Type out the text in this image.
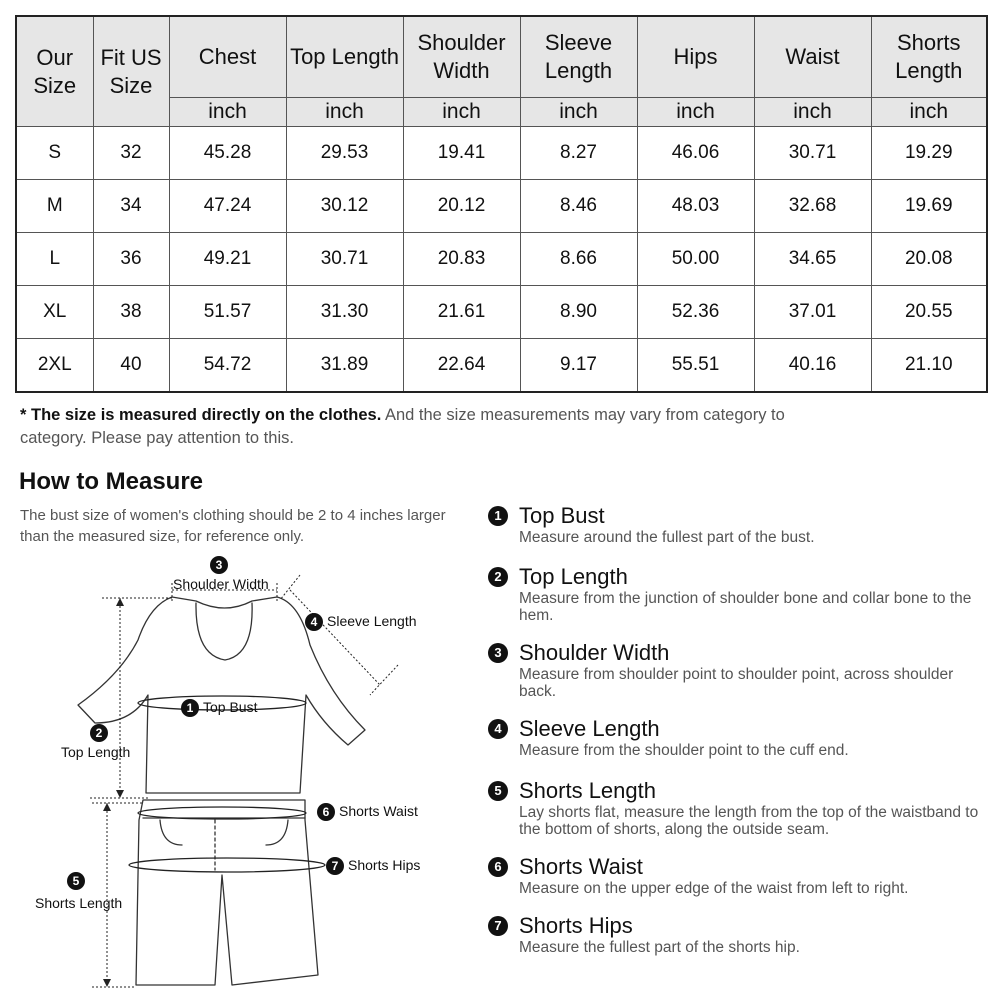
Our Size	Fit US Size	Chest	Top Length	Shoulder Width	Sleeve Length	Hips	Waist	Shorts Length
		inch	inch	inch	inch	inch	inch	inch
S	32	45.28	29.53	19.41	8.27	46.06	30.71	19.29
M	34	47.24	30.12	20.12	8.46	48.03	32.68	19.69
L	36	49.21	30.71	20.83	8.66	50.00	34.65	20.08
XL	38	51.57	31.30	21.61	8.90	52.36	37.01	20.55
2XL	40	54.72	31.89	22.64	9.17	55.51	40.16	21.10
* The size is measured directly on the clothes. And the size measurements may vary from category to category. Please pay attention to this.
How to Measure
The bust size of women's clothing should be 2 to 4 inches larger than the measured size, for reference only.
3
Shoulder Width
4 Sleeve Length
1 Top Bust
2
Top Length
6 Shorts Waist
7 Shorts Hips
5
Shorts Length
1 Top Bust
Measure around the fullest part of the bust.
2 Top Length
Measure from the junction of shoulder bone and collar bone to the hem.
3 Shoulder Width
Measure from shoulder point to shoulder point, across shoulder back.
4 Sleeve Length
Measure from the shoulder point to the cuff end.
5 Shorts Length
Lay shorts flat, measure the length from the top of the waistband to the bottom of shorts, along the outside seam.
6 Shorts Waist
Measure on the upper edge of the waist from left to right.
7 Shorts Hips
Measure the fullest part of the shorts hip.
